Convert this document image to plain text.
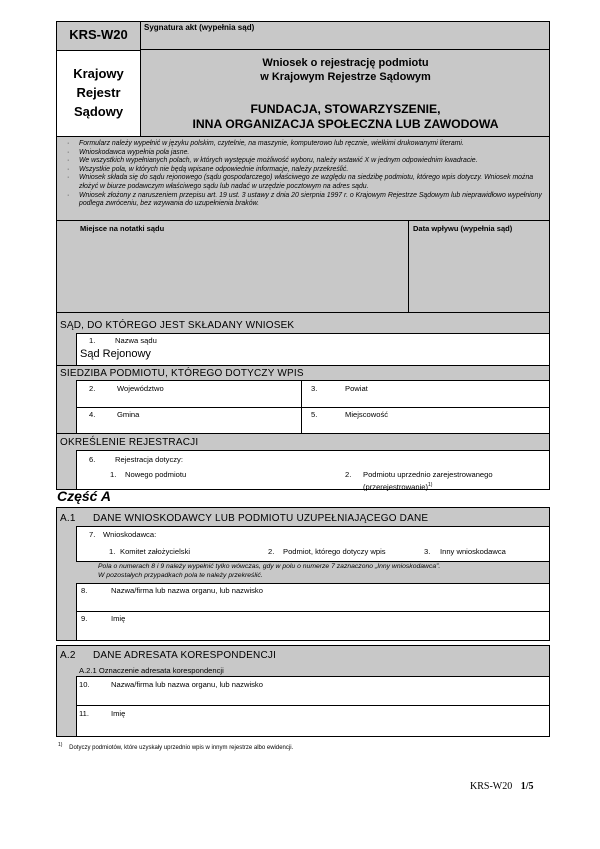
KRS-W20	Sygnatura akt (wypełnia sąd)
Krajowy
Rejestr
Sądowy
Wniosek o rejestrację podmiotu
w Krajowym Rejestrze Sądowym
FUNDACJA, STOWARZYSZENIE,
INNA ORGANIZACJA SPOŁECZNA LUB ZAWODOWA
· Formularz należy wypełnić w języku polskim, czytelnie, na maszynie, komputerowo lub ręcznie, wielkimi drukowanymi literami.
· Wnioskodawca wypełnia pola jasne.
· We wszystkich wypełnianych polach, w których występuje możliwość wyboru, należy wstawić X w jednym odpowiednim kwadracie.
· Wszystkie pola, w których nie będą wpisane odpowiednie informacje, należy przekreślić.
· Wniosek składa się do sądu rejonowego (sądu gospodarczego) właściwego ze względu na siedzibę podmiotu, którego wpis dotyczy. Wniosek można złożyć w biurze podawczym właściwego sądu lub nadać w urzędzie pocztowym na adres sądu.
· Wniosek złożony z naruszeniem przepisu art. 19 ust. 3 ustawy z dnia 20 sierpnia 1997 r. o Krajowym Rejestrze Sądowym lub nieprawidłowo wypełniony podlega zwróceniu, bez wzywania do uzupełnienia braków.
Miejsce na notatki sądu	Data wpływu (wypełnia sąd)
SĄD, DO KTÓREGO JEST SKŁADANY WNIOSEK
1.	Nazwa sądu
Sąd Rejonowy
SIEDZIBA PODMIOTU, KTÓREGO DOTYCZY WPIS
2.	Województwo	3.	Powiat
4.	Gmina	5.	Miejscowość
OKREŚLENIE REJESTRACJI
6.	Rejestracja dotyczy:
1. Nowego podmiotu	2. Podmiotu uprzednio zarejestrowanego
(przerejestrowanie)$^{1)}$
Część A
A.1 DANE WNIOSKODAWCY LUB PODMIOTU UZUPEŁNIAJĄCEGO DANE
7. Wnioskodawca:
1. Komitet założycielski	2. Podmiot, którego dotyczy wpis	3. Inny wnioskodawca
Pola o numerach 8 i 9 należy wypełnić tylko wówczas, gdy w polu o numerze 7 zaznaczono „Inny wnioskodawca”.
W pozostałych przypadkach pola te należy przekreślić.
8.	Nazwa/firma lub nazwa organu, lub nazwisko
9.	Imię
A.2 DANE ADRESATA KORESPONDENCJI
A.2.1 Oznaczenie adresata korespondencji
10.	Nazwa/firma lub nazwa organu, lub nazwisko
11.	Imię
$^{1)}$ Dotyczy podmiotów, które uzyskały uprzednio wpis w innym rejestrze albo ewidencji.
KRS-W20 1/5
